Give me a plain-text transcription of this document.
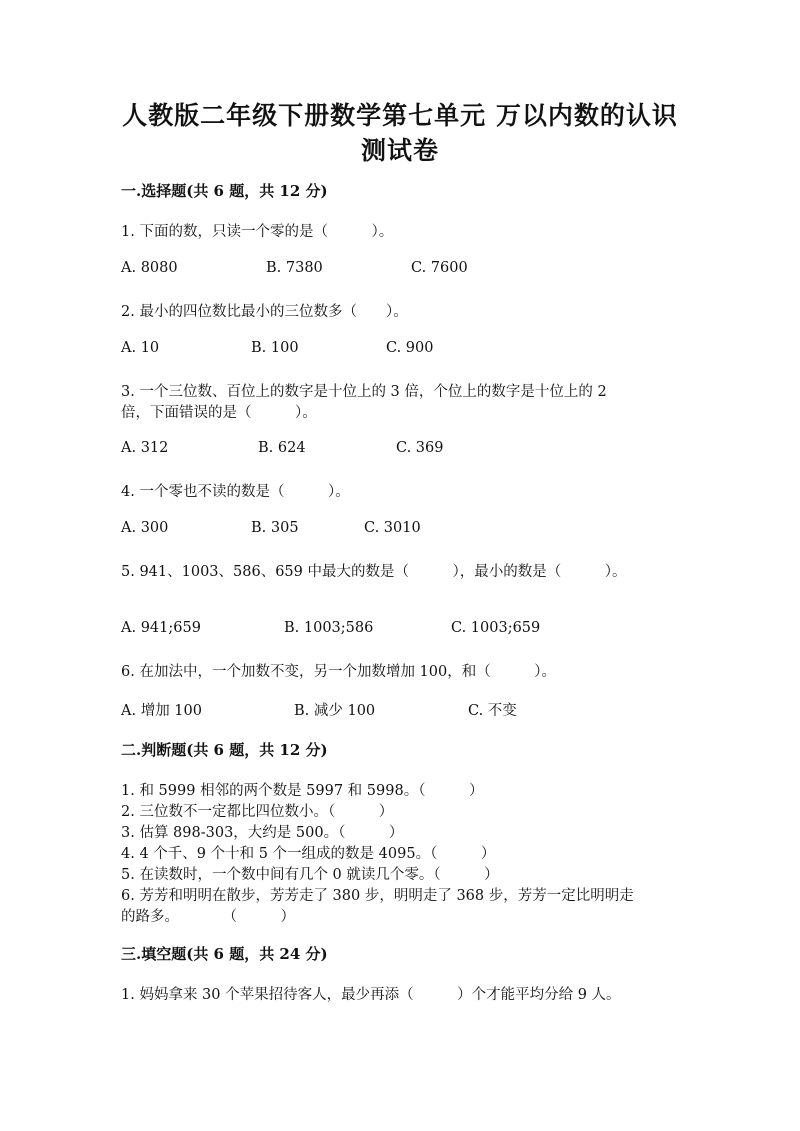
人教版二年级下册数学第七单元 万以内数的认识
测试卷
一.选择题(共 6 题，共 12 分)
1. 下面的数，只读一个零的是（　　　）。
A. 8080	B. 7380	C. 7600
2. 最小的四位数比最小的三位数多（　　）。
A. 10	B. 100	C. 900
3. 一个三位数、百位上的数字是十位上的 3 倍，个位上的数字是十位上的 2
倍，下面错误的是（　　　）。
A. 312	B. 624	C. 369
4. 一个零也不读的数是（　　　）。
A. 300	B. 305	C. 3010
5. 941、1003、586、659 中最大的数是（　　　），最小的数是（　　　）。
A. 941;659	B. 1003;586	C. 1003;659
6. 在加法中，一个加数不变，另一个加数增加 100，和（　　　）。
A. 增加 100	B. 减少 100	C. 不变
二.判断题(共 6 题，共 12 分)
1. 和 5999 相邻的两个数是 5997 和 5998。（　　　）
2. 三位数不一定都比四位数小。（　　　）
3. 估算 898-303，大约是 500。（　　　）
4. 4 个千、9 个十和 5 个一组成的数是 4095。（　　　）
5. 在读数时，一个数中间有几个 0 就读几个零。（　　　）
6. 芳芳和明明在散步，芳芳走了 380 步，明明走了 368 步，芳芳一定比明明走
的路多。　　　　（　　　）
三.填空题(共 6 题，共 24 分)
1. 妈妈拿来 30 个苹果招待客人，最少再添（　　　）个才能平均分给 9 人。
